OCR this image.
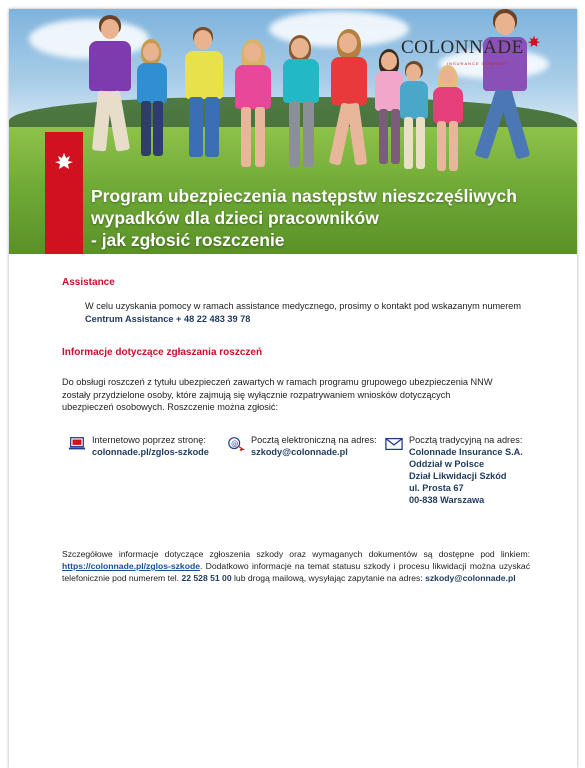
COLONNADE
INSURANCE COMPANY
Program ubezpieczenia następstw nieszczęśliwych
wypadków dla dzieci pracowników
- jak zgłosić roszczenie
Assistance
W celu uzyskania pomocy w ramach assistance medycznego, prosimy o kontakt pod wskazanym numerem Centrum Assistance + 48 22 483 39 78
Informacje dotyczące zgłaszania roszczeń
Do obsługi roszczeń z tytułu ubezpieczeń zawartych w ramach programu grupowego ubezpieczenia NNW
zostały przydzielone osoby, które zajmują się wyłącznie rozpatrywaniem wniosków dotyczących
ubezpieczeń osobowych. Roszczenie można zgłosić:
Internetowo poprzez stronę:
colonnade.pl/zglos-szkode
@ Pocztą elektroniczną na adres:
szkody@colonnade.pl
Pocztą tradycyjną na adres:
Colonnade Insurance S.A.
Oddział w Polsce
Dział Likwidacji Szkód
ul. Prosta 67
00-838 Warszawa
Szczegółowe informacje dotyczące zgłoszenia szkody oraz wymaganych dokumentów są dostępne pod linkiem: https://colonnade.pl/zglos-szkode. Dodatkowo informacje na temat statusu szkody i procesu likwidacji można uzyskać telefonicznie pod numerem tel. 22 528 51 00 lub drogą mailową, wysyłając zapytanie na adres: szkody@colonnade.pl
